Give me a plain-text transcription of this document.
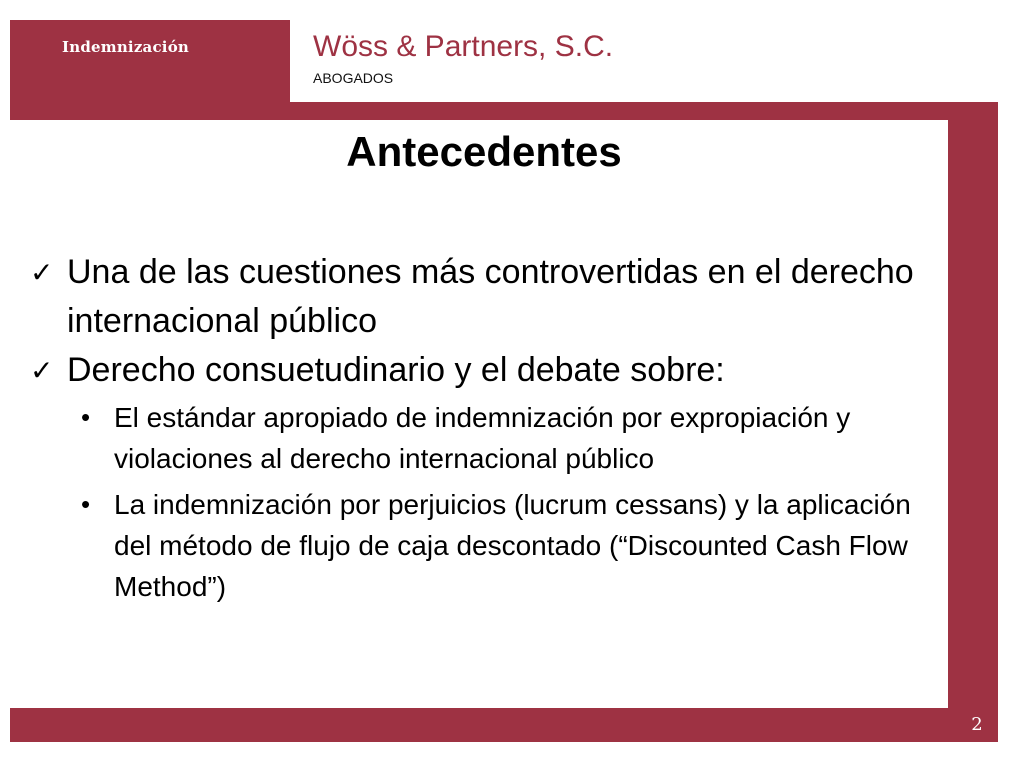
Indemnización
2
Wöss & Partners, S.C.
ABOGADOS
Antecedentes
✓ Una de las cuestiones más controvertidas en el derecho internacional público
✓ Derecho consuetudinario y el debate sobre:
• El estándar apropiado de indemnización por expropiación y violaciones al derecho internacional público
• La indemnización por perjuicios (lucrum cessans) y la aplicación del método de flujo de caja descontado (“Discounted Cash Flow Method”)
